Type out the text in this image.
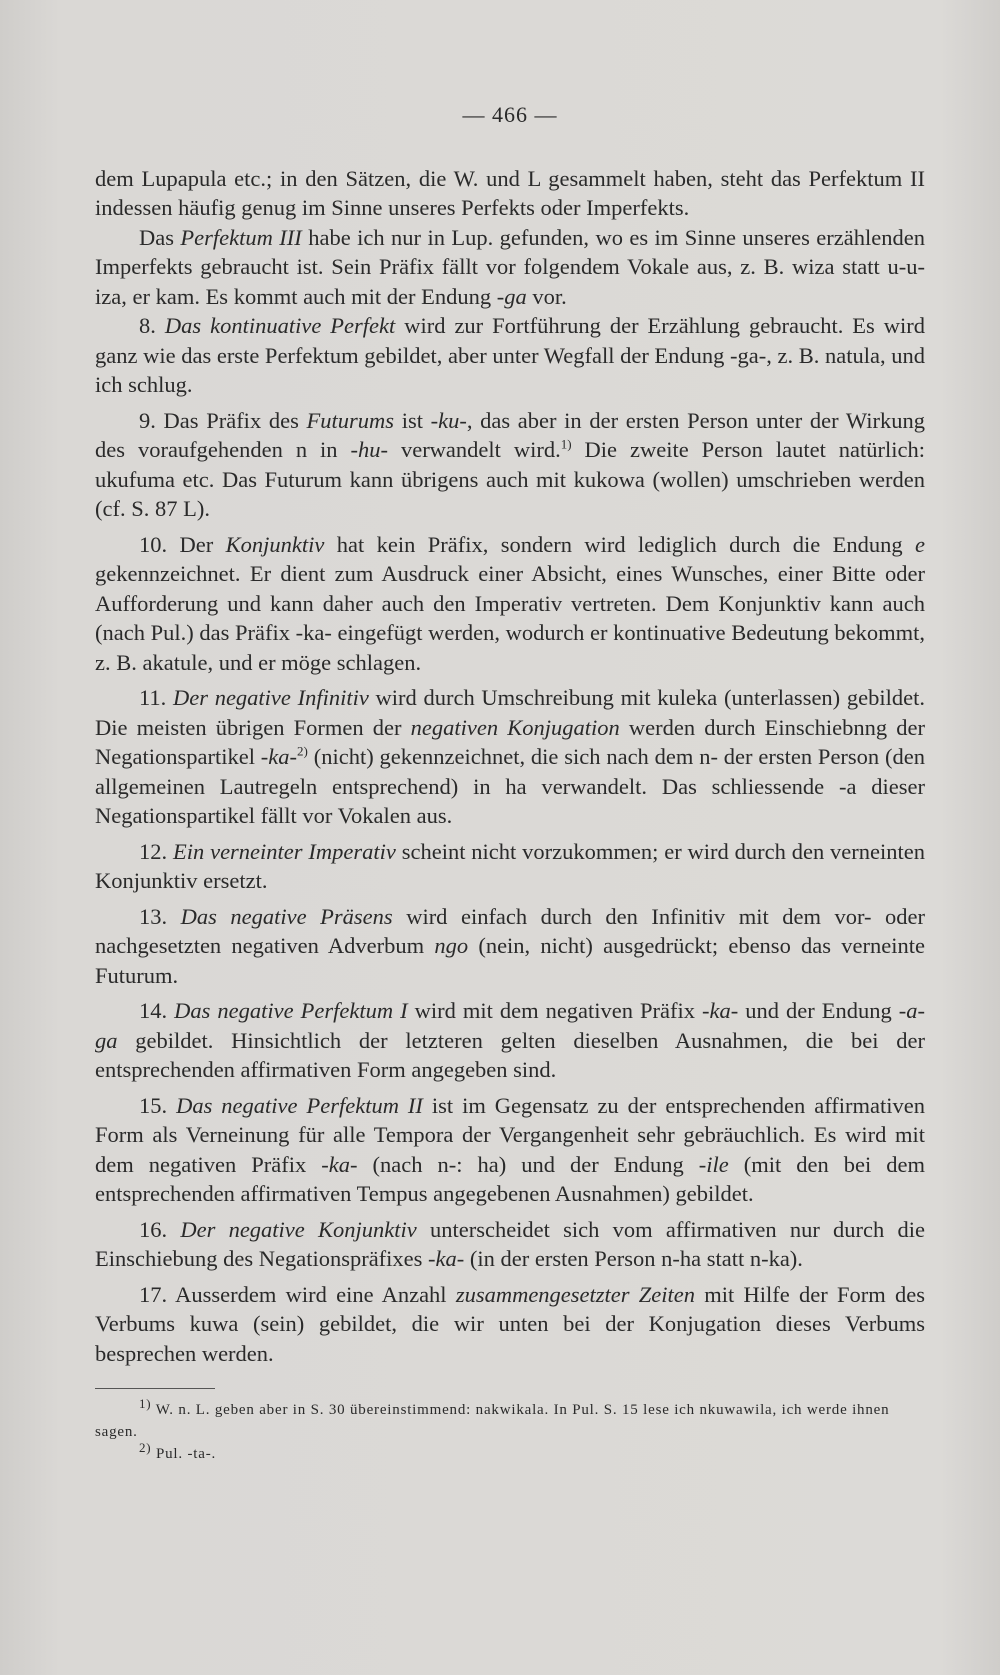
— 466 —

dem Lupapula etc.; in den Sätzen, die W. und L gesammelt haben, steht das Perfektum II indessen häufig genug im Sinne unseres Perfekts oder Imperfekts.

Das Perfektum III habe ich nur in Lup. gefunden, wo es im Sinne unseres erzählenden Imperfekts gebraucht ist. Sein Präfix fällt vor folgendem Vokale aus, z. B. wiza statt u-u-iza, er kam. Es kommt auch mit der Endung -ga vor.

8. Das kontinuative Perfekt wird zur Fortführung der Erzählung gebraucht. Es wird ganz wie das erste Perfektum gebildet, aber unter Wegfall der Endung -ga-, z. B. natula, und ich schlug.

9. Das Präfix des Futurums ist -ku-, das aber in der ersten Person unter der Wirkung des voraufgehenden n in -hu- verwandelt wird.$^{1)}$ Die zweite Person lautet natürlich: ukufuma etc. Das Futurum kann übrigens auch mit kukowa (wollen) umschrieben werden (cf. S. 87 L).

10. Der Konjunktiv hat kein Präfix, sondern wird lediglich durch die Endung e gekennzeichnet. Er dient zum Ausdruck einer Absicht, eines Wunsches, einer Bitte oder Aufforderung und kann daher auch den Imperativ vertreten. Dem Konjunktiv kann auch (nach Pul.) das Präfix -ka- eingefügt werden, wodurch er kontinuative Bedeutung bekommt, z. B. akatule, und er möge schlagen.

11. Der negative Infinitiv wird durch Umschreibung mit kuleka (unterlassen) gebildet. Die meisten übrigen Formen der negativen Konjugation werden durch Einschiebnng der Negationspartikel -ka-$^{2)}$ (nicht) gekennzeichnet, die sich nach dem n- der ersten Person (den allgemeinen Lautregeln entsprechend) in ha verwandelt. Das schliessende -a dieser Negationspartikel fällt vor Vokalen aus.

12. Ein verneinter Imperativ scheint nicht vorzukommen; er wird durch den verneinten Konjunktiv ersetzt.

13. Das negative Präsens wird einfach durch den Infinitiv mit dem vor- oder nachgesetzten negativen Adverbum ngo (nein, nicht) ausgedrückt; ebenso das verneinte Futurum.

14. Das negative Perfektum I wird mit dem negativen Präfix -ka- und der Endung -a-ga gebildet. Hinsichtlich der letzteren gelten dieselben Ausnahmen, die bei der entsprechenden affirmativen Form angegeben sind.

15. Das negative Perfektum II ist im Gegensatz zu der entsprechenden affirmativen Form als Verneinung für alle Tempora der Vergangenheit sehr gebräuchlich. Es wird mit dem negativen Präfix -ka- (nach n-: ha) und der Endung -ile (mit den bei dem entsprechenden affirmativen Tempus angegebenen Ausnahmen) gebildet.

16. Der negative Konjunktiv unterscheidet sich vom affirmativen nur durch die Einschiebung des Negationspräfixes -ka- (in der ersten Person n-ha statt n-ka).

17. Ausserdem wird eine Anzahl zusammengesetzter Zeiten mit Hilfe der Form des Verbums kuwa (sein) gebildet, die wir unten bei der Konjugation dieses Verbums besprechen werden.

$^{1)}$ W. n. L. geben aber in S. 30 übereinstimmend: nakwikala. In Pul. S. 15 lese ich nkuwawila, ich werde ihnen sagen.

$^{2)}$ Pul. -ta-.
